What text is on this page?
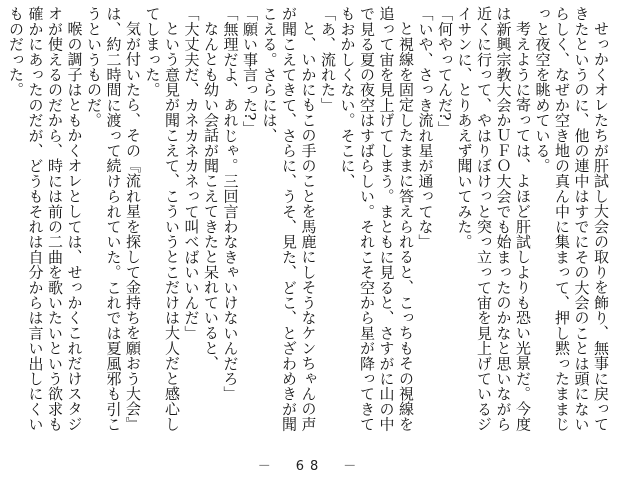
せっかくオレたちが肝試し大会の取りを飾り、無事に戻ってきたというのに、他の連中はすでにその大会のことは頭にないらしく、なぜか空き地の真ん中に集まって、押し黙ったままじっと夜空を眺めている。

考えように寄っては、よほど肝試しよりも恐い光景だ。今度は新興宗教大会かＵＦＯ大会でも始まったのかなと思いながら近くに行って、やはりぼけっと突っ立って宙を見上げているジイサンに、とりあえず聞いてみた。

「何やってんだ?」

「いや、さっき流れ星が通ってな」

と視線を固定したままに答えられると、こっちもその視線を追って宙を見上げてしまう。まともに見ると、さすがに山の中で見る夏の夜空はすばらしい。それこそ空から星が降ってきてもおかしくない。そこに、

「あ、流れた」

と、いかにもこの手のことを馬鹿にしそうなケンちゃんの声が聞こえてきて、さらに、うそ、見た、どこ、とざわめきが聞こえる。さらには、

「願い事言った?」

「無理だよ、あれじゃ。三回言わなきゃいけないんだろ」

なんとも幼い会話が聞こえてきたと呆れていると、

「大丈夫だ、カネカネカネって叫べばいいんだ」

という意見が聞こえて、こういうとこだけは大人だと感心してしまった。

気が付いたら、その『流れ星を探して金持ちを願おう大会』は、約二時間に渡って続けられていた。これでは夏風邪も引こうというものだ。

喉の調子はともかくオレとしては、せっかくこれだけスタジオが使えるのだから、時には前の二曲を歌いたいという欲求も確かにあったのだが、どうもそれは自分からは言い出しにくいものだった。

－　68　－
